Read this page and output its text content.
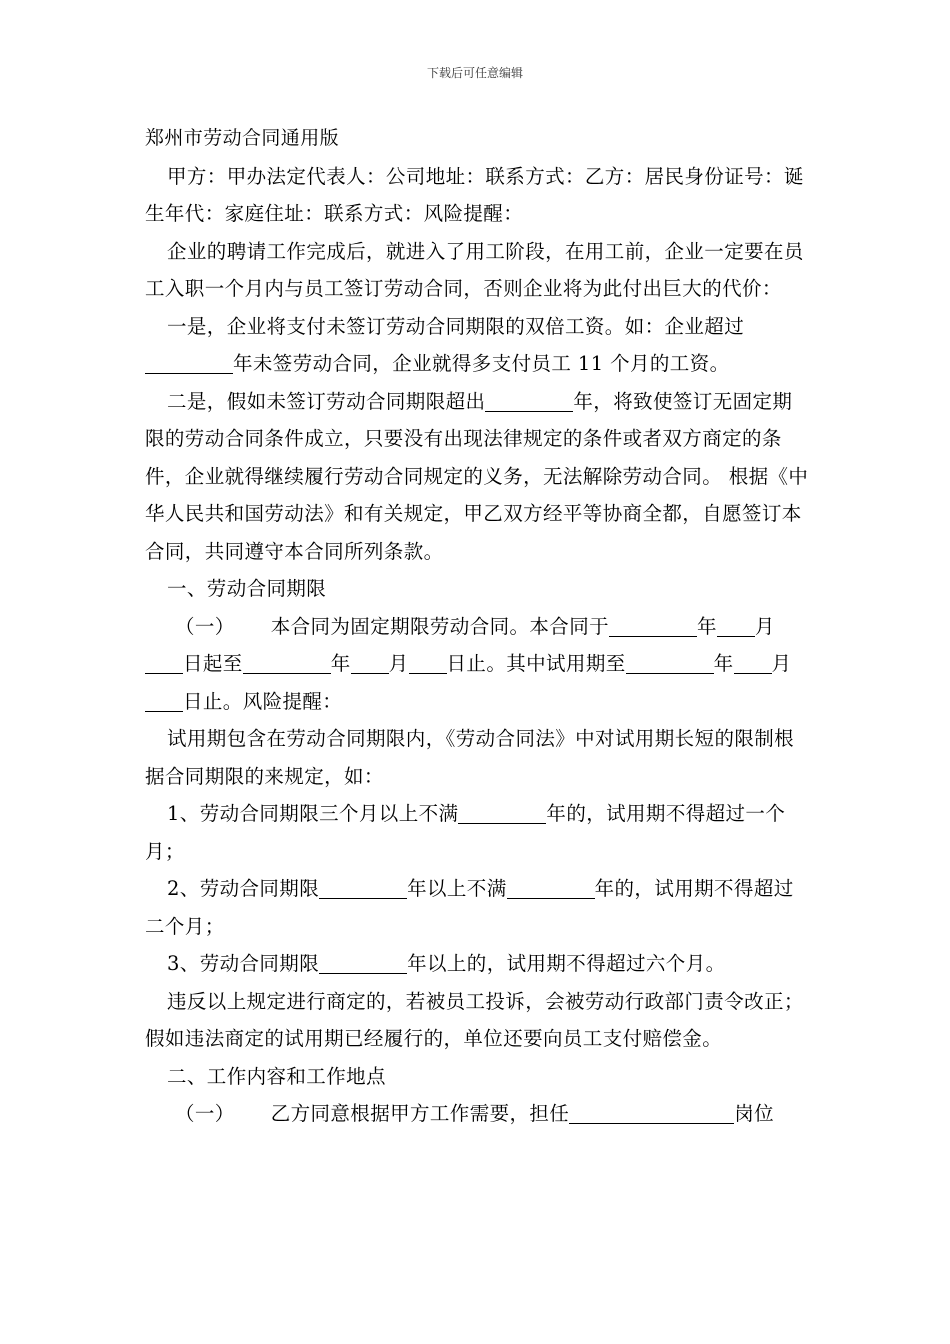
下载后可任意编辑

郑州市劳动合同通用版

甲方：甲办法定代表人：公司地址：联系方式：乙方：居民身份证号：诞生年代：家庭住址：联系方式：风险提醒：

企业的聘请工作完成后，就进入了用工阶段，在用工前，企业一定要在员工入职一个月内与员工签订劳动合同，否则企业将为此付出巨大的代价：

一是，企业将支付未签订劳动合同期限的双倍工资。如：企业超过年未签劳动合同，企业就得多支付员工 11 个月的工资。

二是，假如未签订劳动合同期限超出	年，将致使签订无固定期限的劳动合同条件成立，只要没有出现法律规定的条件或者双方商定的条件，企业就得继续履行劳动合同规定的义务，无法解除劳动合同。 根据《中华人民共和国劳动法》和有关规定，甲乙双方经平等协商全都，自愿签订本合同，共同遵守本合同所列条款。

一、劳动合同期限

（一） 本合同为固定期限劳动合同。本合同于	年 月日起至	年 月 日止。其中试用期至	年 月日止。风险提醒：

试用期包含在劳动合同期限内，《劳动合同法》中对试用期长短的限制根据合同期限的来规定，如：

1、劳动合同期限三个月以上不满	年的，试用期不得超过一个月；

2、劳动合同期限	年以上不满	年的，试用期不得超过二个月；

3、劳动合同期限	年以上的，试用期不得超过六个月。

违反以上规定进行商定的，若被员工投诉，会被劳动行政部门责令改正；假如违法商定的试用期已经履行的，单位还要向员工支付赔偿金。

二、工作内容和工作地点

（一） 乙方同意根据甲方工作需要，担任	岗位
